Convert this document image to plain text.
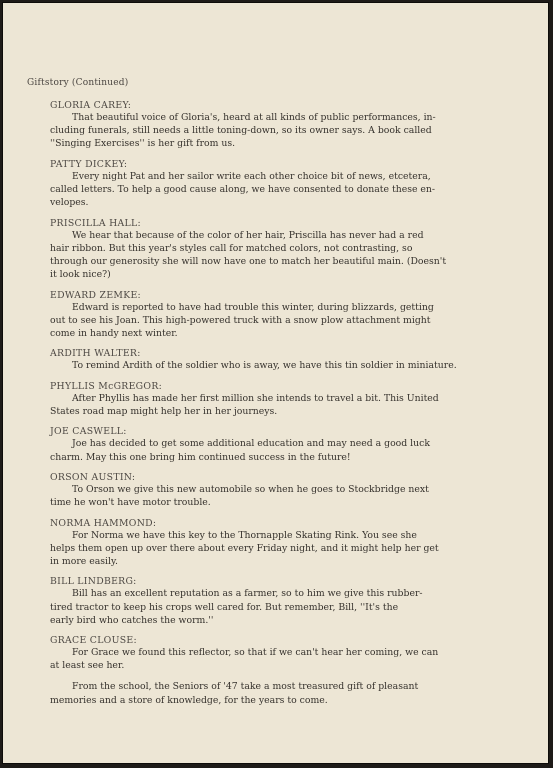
Giftstory (Continued)
GLORIA CAREY:
That beautiful voice of Gloria's, heard at all kinds of public performances, in-
cluding funerals, still needs a little toning-down, so its owner says. A book called
''Singing Exercises'' is her gift from us.
PATTY DICKEY:
Every night Pat and her sailor write each other choice bit of news, etcetera,
called letters. To help a good cause along, we have consented to donate these en-
velopes.
PRISCILLA HALL:
We hear that because of the color of her hair, Priscilla has never had a red
hair ribbon. But this year's styles call for matched colors, not contrasting, so
through our generosity she will now have one to match her beautiful main. (Doesn't
it look nice?)
EDWARD ZEMKE:
Edward is reported to have had trouble this winter, during blizzards, getting
out to see his Joan. This high-powered truck with a snow plow attachment might
come in handy next winter.
ARDITH WALTER:
To remind Ardith of the soldier who is away, we have this tin soldier in miniature.
PHYLLIS McGREGOR:
After Phyllis has made her first million she intends to travel a bit. This United
States road map might help her in her journeys.
JOE CASWELL:
Joe has decided to get some additional education and may need a good luck
charm. May this one bring him continued success in the future!
ORSON AUSTIN:
To Orson we give this new automobile so when he goes to Stockbridge next
time he won't have motor trouble.
NORMA HAMMOND:
For Norma we have this key to the Thornapple Skating Rink. You see she
helps them open up over there about every Friday night, and it might help her get
in more easily.
BILL LINDBERG:
Bill has an excellent reputation as a farmer, so to him we give this rubber-
tired tractor to keep his crops well cared for. But remember, Bill, ''It's the
early bird who catches the worm.''
GRACE CLOUSE:
For Grace we found this reflector, so that if we can't hear her coming, we can
at least see her.
From the school, the Seniors of '47 take a most treasured gift of pleasant
memories and a store of knowledge, for the years to come.
